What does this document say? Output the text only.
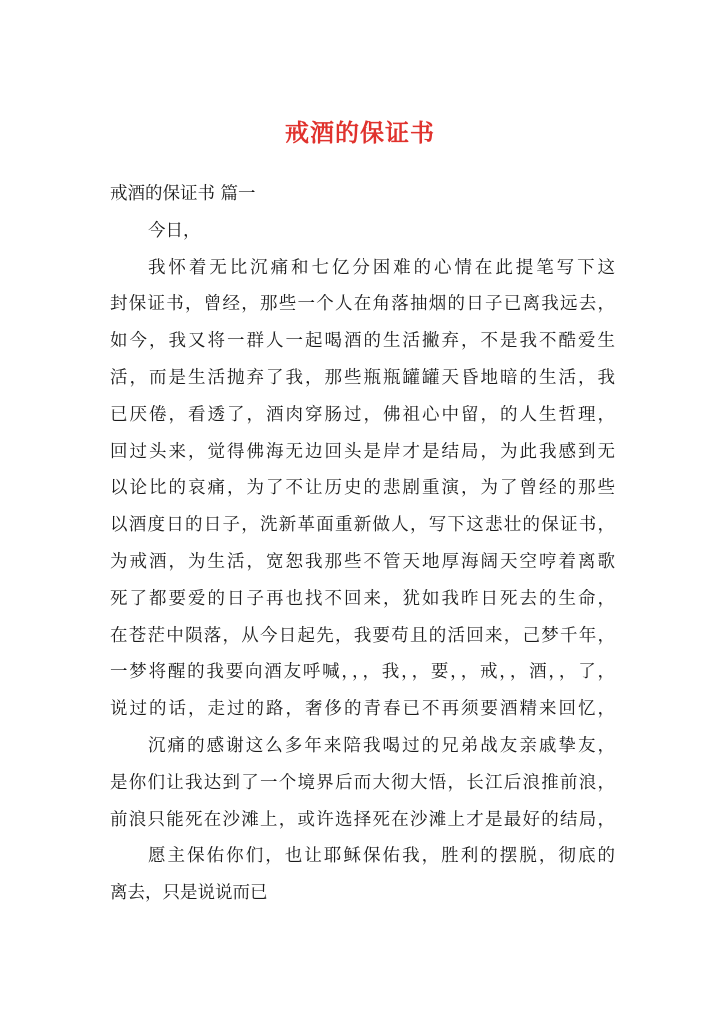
戒酒的保证书
戒酒的保证书 篇一
今日，
我怀着无比沉痛和七亿分困难的心情在此提笔写下这
封保证书，曾经，那些一个人在角落抽烟的日子已离我远去，
如今，我又将一群人一起喝酒的生活撇弃，不是我不酷爱生
活，而是生活抛弃了我，那些瓶瓶罐罐天昏地暗的生活，我
已厌倦，看透了，酒肉穿肠过，佛祖心中留，的人生哲理，
回过头来，觉得佛海无边回头是岸才是结局，为此我感到无
以论比的哀痛，为了不让历史的悲剧重演，为了曾经的那些
以酒度日的日子，洗新革面重新做人，写下这悲壮的保证书，
为戒酒，为生活，宽恕我那些不管天地厚海阔天空哼着离歌
死了都要爱的日子再也找不回来，犹如我昨日死去的生命，
在苍茫中陨落，从今日起先，我要苟且的活回来，己梦千年，
一梦将醒的我要向酒友呼喊，，，我，，要，，戒，，酒，，了，
说过的话，走过的路，奢侈的青春已不再须要酒精来回忆，
沉痛的感谢这么多年来陪我喝过的兄弟战友亲戚挚友，
是你们让我达到了一个境界后而大彻大悟，长江后浪推前浪，
前浪只能死在沙滩上，或许选择死在沙滩上才是最好的结局，
愿主保佑你们，也让耶稣保佑我，胜利的摆脱，彻底的
离去，只是说说而已
